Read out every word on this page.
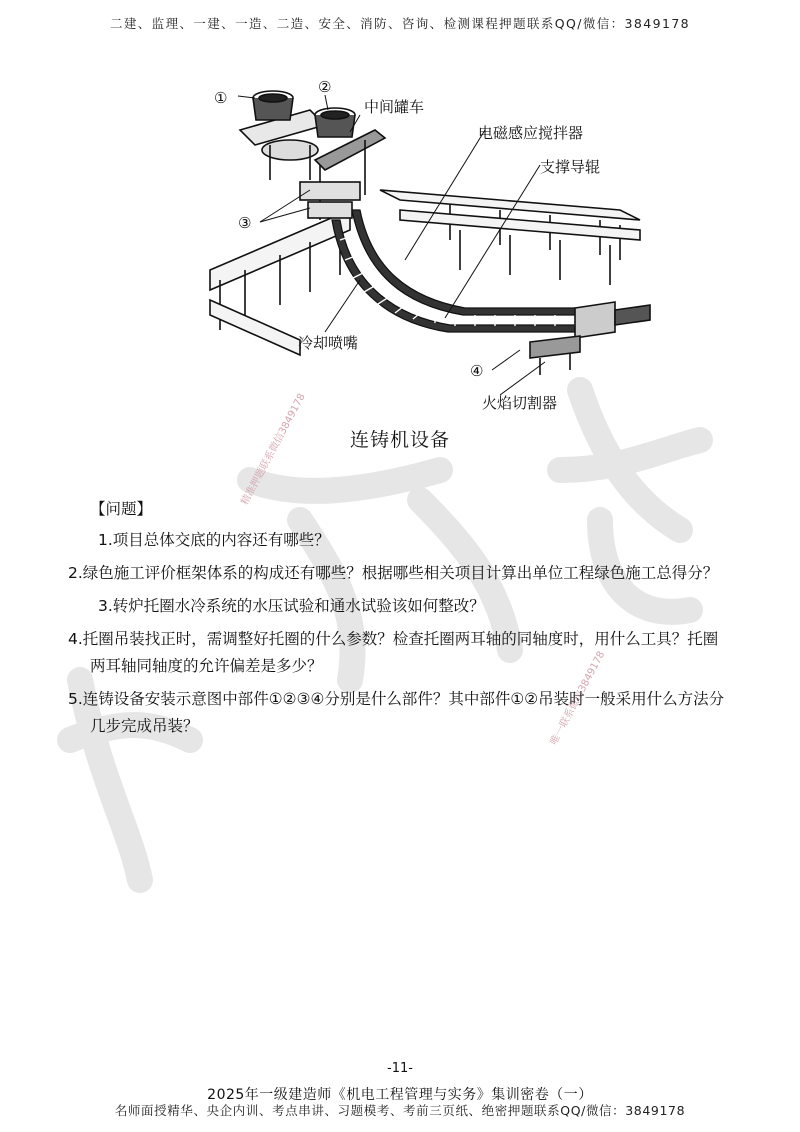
二建、监理、一建、一造、二造、安全、消防、咨询、检测课程押题联系QQ/微信：3849178
①
②
③
④
中间罐车
电磁感应搅拌器
支撑导辊
冷却喷嘴
火焰切割器
连铸机设备
精准押题联系微信3849178
唯一联系微信3849178
【问题】
1.项目总体交底的内容还有哪些？
2.绿色施工评价框架体系的构成还有哪些？根据哪些相关项目计算出单位工程绿色施工总得分？
3.转炉托圈水冷系统的水压试验和通水试验该如何整改？
4.托圈吊装找正时，需调整好托圈的什么参数？检查托圈两耳轴的同轴度时，用什么工具？托圈两耳轴同轴度的允许偏差是多少？
5.连铸设备安装示意图中部件①②③④分别是什么部件？其中部件①②吊装时一般采用什么方法分几步完成吊装？
-11-
2025年一级建造师《机电工程管理与实务》集训密卷（一）
名师面授精华、央企内训、考点串讲、习题模考、考前三页纸、绝密押题联系QQ/微信：3849178
